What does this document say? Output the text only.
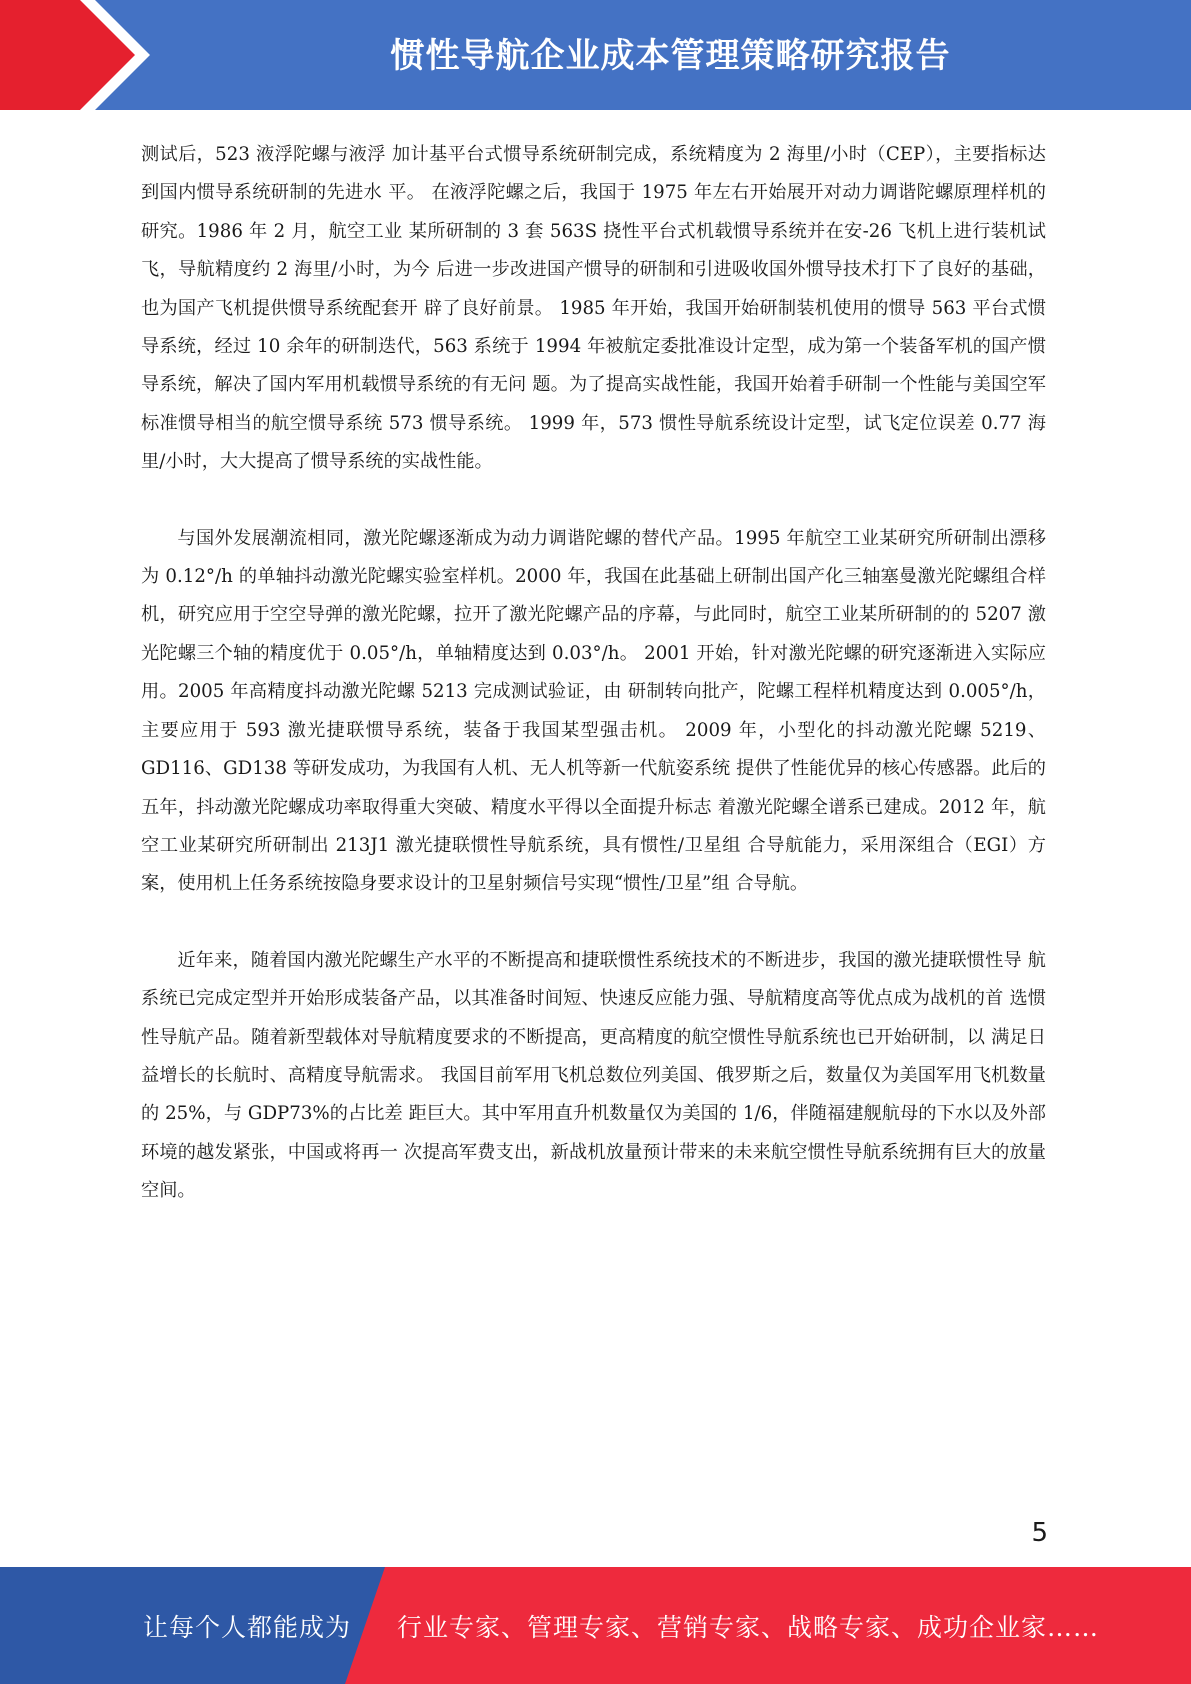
惯性导航企业成本管理策略研究报告

测试后，523 液浮陀螺与液浮 加计基平台式惯导系统研制完成，系统精度为 2 海里/小时（CEP），主要指标达到国内惯导系统研制的先进水 平。 在液浮陀螺之后，我国于 1975 年左右开始展开对动力调谐陀螺原理样机的研究。1986 年 2 月，航空工业 某所研制的 3 套 563S 挠性平台式机载惯导系统并在安-26 飞机上进行装机试飞，导航精度约 2 海里/小时，为今 后进一步改进国产惯导的研制和引进吸收国外惯导技术打下了良好的基础，也为国产飞机提供惯导系统配套开 辟了良好前景。 1985 年开始，我国开始研制装机使用的惯导 563 平台式惯导系统，经过 10 余年的研制迭代，563 系统于 1994 年被航定委批准设计定型，成为第一个装备军机的国产惯导系统，解决了国内军用机载惯导系统的有无问 题。为了提高实战性能，我国开始着手研制一个性能与美国空军标准惯导相当的航空惯导系统 573 惯导系统。 1999 年，573 惯性导航系统设计定型，试飞定位误差 0.77 海里/小时，大大提高了惯导系统的实战性能。

与国外发展潮流相同，激光陀螺逐渐成为动力调谐陀螺的替代产品。1995 年航空工业某研究所研制出漂移 为 0.12°/h 的单轴抖动激光陀螺实验室样机。2000 年，我国在此基础上研制出国产化三轴塞曼激光陀螺组合样 机，研究应用于空空导弹的激光陀螺，拉开了激光陀螺产品的序幕，与此同时，航空工业某所研制的的 5207 激 光陀螺三个轴的精度优于 0.05°/h，单轴精度达到 0.03°/h。 2001 开始，针对激光陀螺的研究逐渐进入实际应用。2005 年高精度抖动激光陀螺 5213 完成测试验证，由 研制转向批产，陀螺工程样机精度达到 0.005°/h，主要应用于 593 激光捷联惯导系统，装备于我国某型强击机。 2009 年，小型化的抖动激光陀螺 5219、GD116、GD138 等研发成功，为我国有人机、无人机等新一代航姿系统 提供了性能优异的核心传感器。此后的五年，抖动激光陀螺成功率取得重大突破、精度水平得以全面提升标志 着激光陀螺全谱系已建成。2012 年，航空工业某研究所研制出 213J1 激光捷联惯性导航系统，具有惯性/卫星组 合导航能力，采用深组合（EGI）方案，使用机上任务系统按隐身要求设计的卫星射频信号实现“惯性/卫星”组 合导航。

近年来，随着国内激光陀螺生产水平的不断提高和捷联惯性系统技术的不断进步，我国的激光捷联惯性导 航系统已完成定型并开始形成装备产品，以其准备时间短、快速反应能力强、导航精度高等优点成为战机的首 选惯性导航产品。随着新型载体对导航精度要求的不断提高，更高精度的航空惯性导航系统也已开始研制，以 满足日益增长的长航时、高精度导航需求。 我国目前军用飞机总数位列美国、俄罗斯之后，数量仅为美国军用飞机数量的 25%，与 GDP73%的占比差 距巨大。其中军用直升机数量仅为美国的 1/6，伴随福建舰航母的下水以及外部环境的越发紧张，中国或将再一 次提高军费支出，新战机放量预计带来的未来航空惯性导航系统拥有巨大的放量空间。

5
让每个人都能成为 行业专家、管理专家、营销专家、战略专家、成功企业家……
